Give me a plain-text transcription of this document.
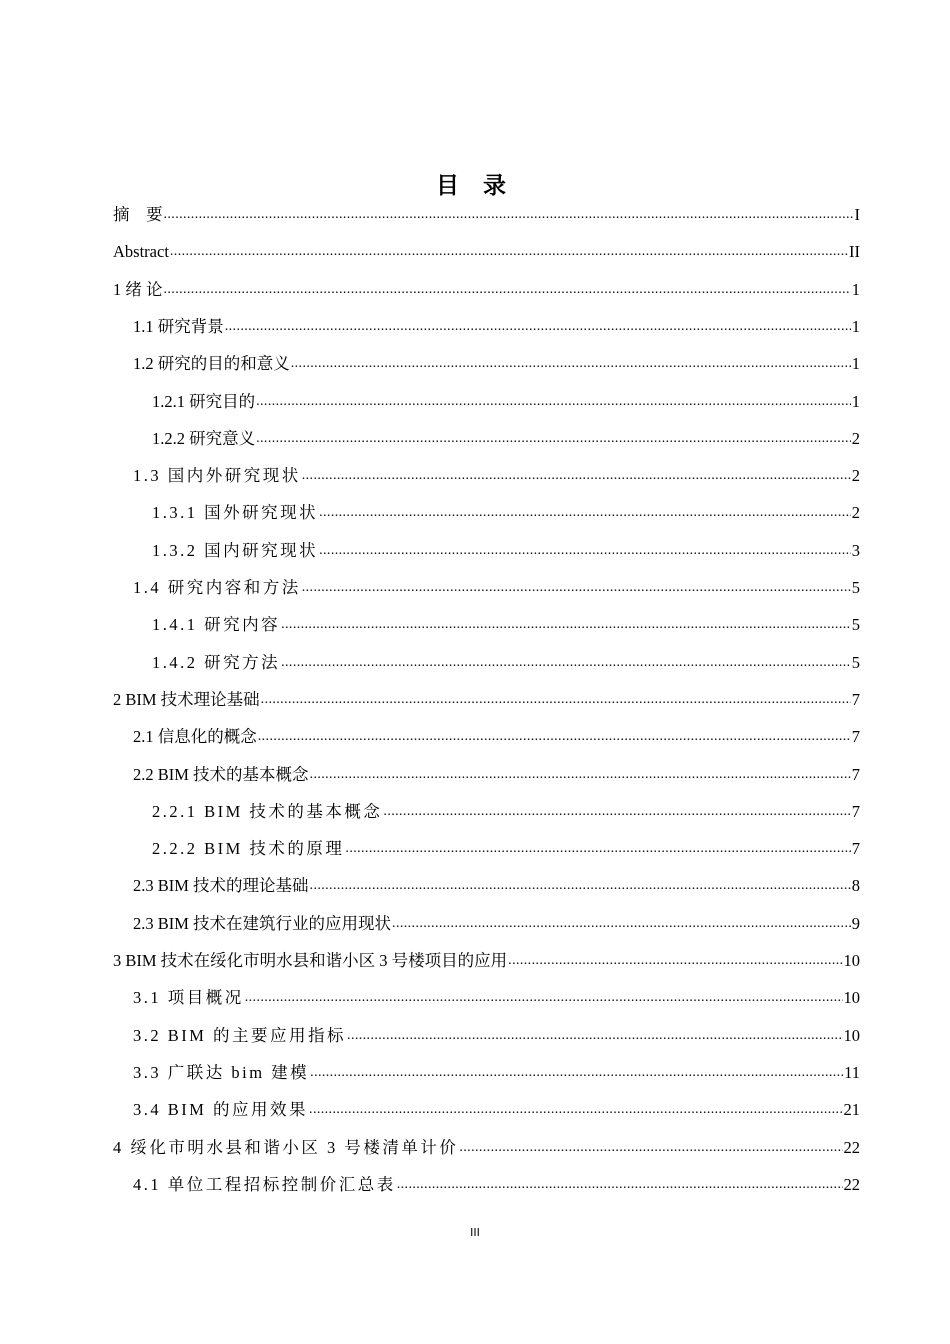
目 录
摘　要 .....	I
Abstract .....	II
1 绪 论 .....	1
1.1 研究背景 .....	1
1.2 研究的目的和意义 .....	1
1.2.1 研究目的 .....	1
1.2.2 研究意义 .....	2
1.3 国内外研究现状 .....	2
1.3.1 国外研究现状 .....	2
1.3.2 国内研究现状 .....	3
1.4 研究内容和方法 .....	5
1.4.1 研究内容 .....	5
1.4.2 研究方法 .....	5
2 BIM 技术理论基础 .....	7
2.1 信息化的概念 .....	7
2.2 BIM 技术的基本概念 .....	7
2.2.1 BIM 技术的基本概念 .....	7
2.2.2 BIM 技术的原理 .....	7
2.3 BIM 技术的理论基础 .....	8
2.3 BIM 技术在建筑行业的应用现状 .....	9
3 BIM 技术在绥化市明水县和谐小区 3 号楼项目的应用 .....	10
3.1 项目概况 .....	10
3.2 BIM 的主要应用指标 .....	10
3.3 广联达 bim 建模 .....	11
3.4 BIM 的应用效果 .....	21
4 绥化市明水县和谐小区 3 号楼清单计价 .....	22
4.1 单位工程招标控制价汇总表 .....	22
III
